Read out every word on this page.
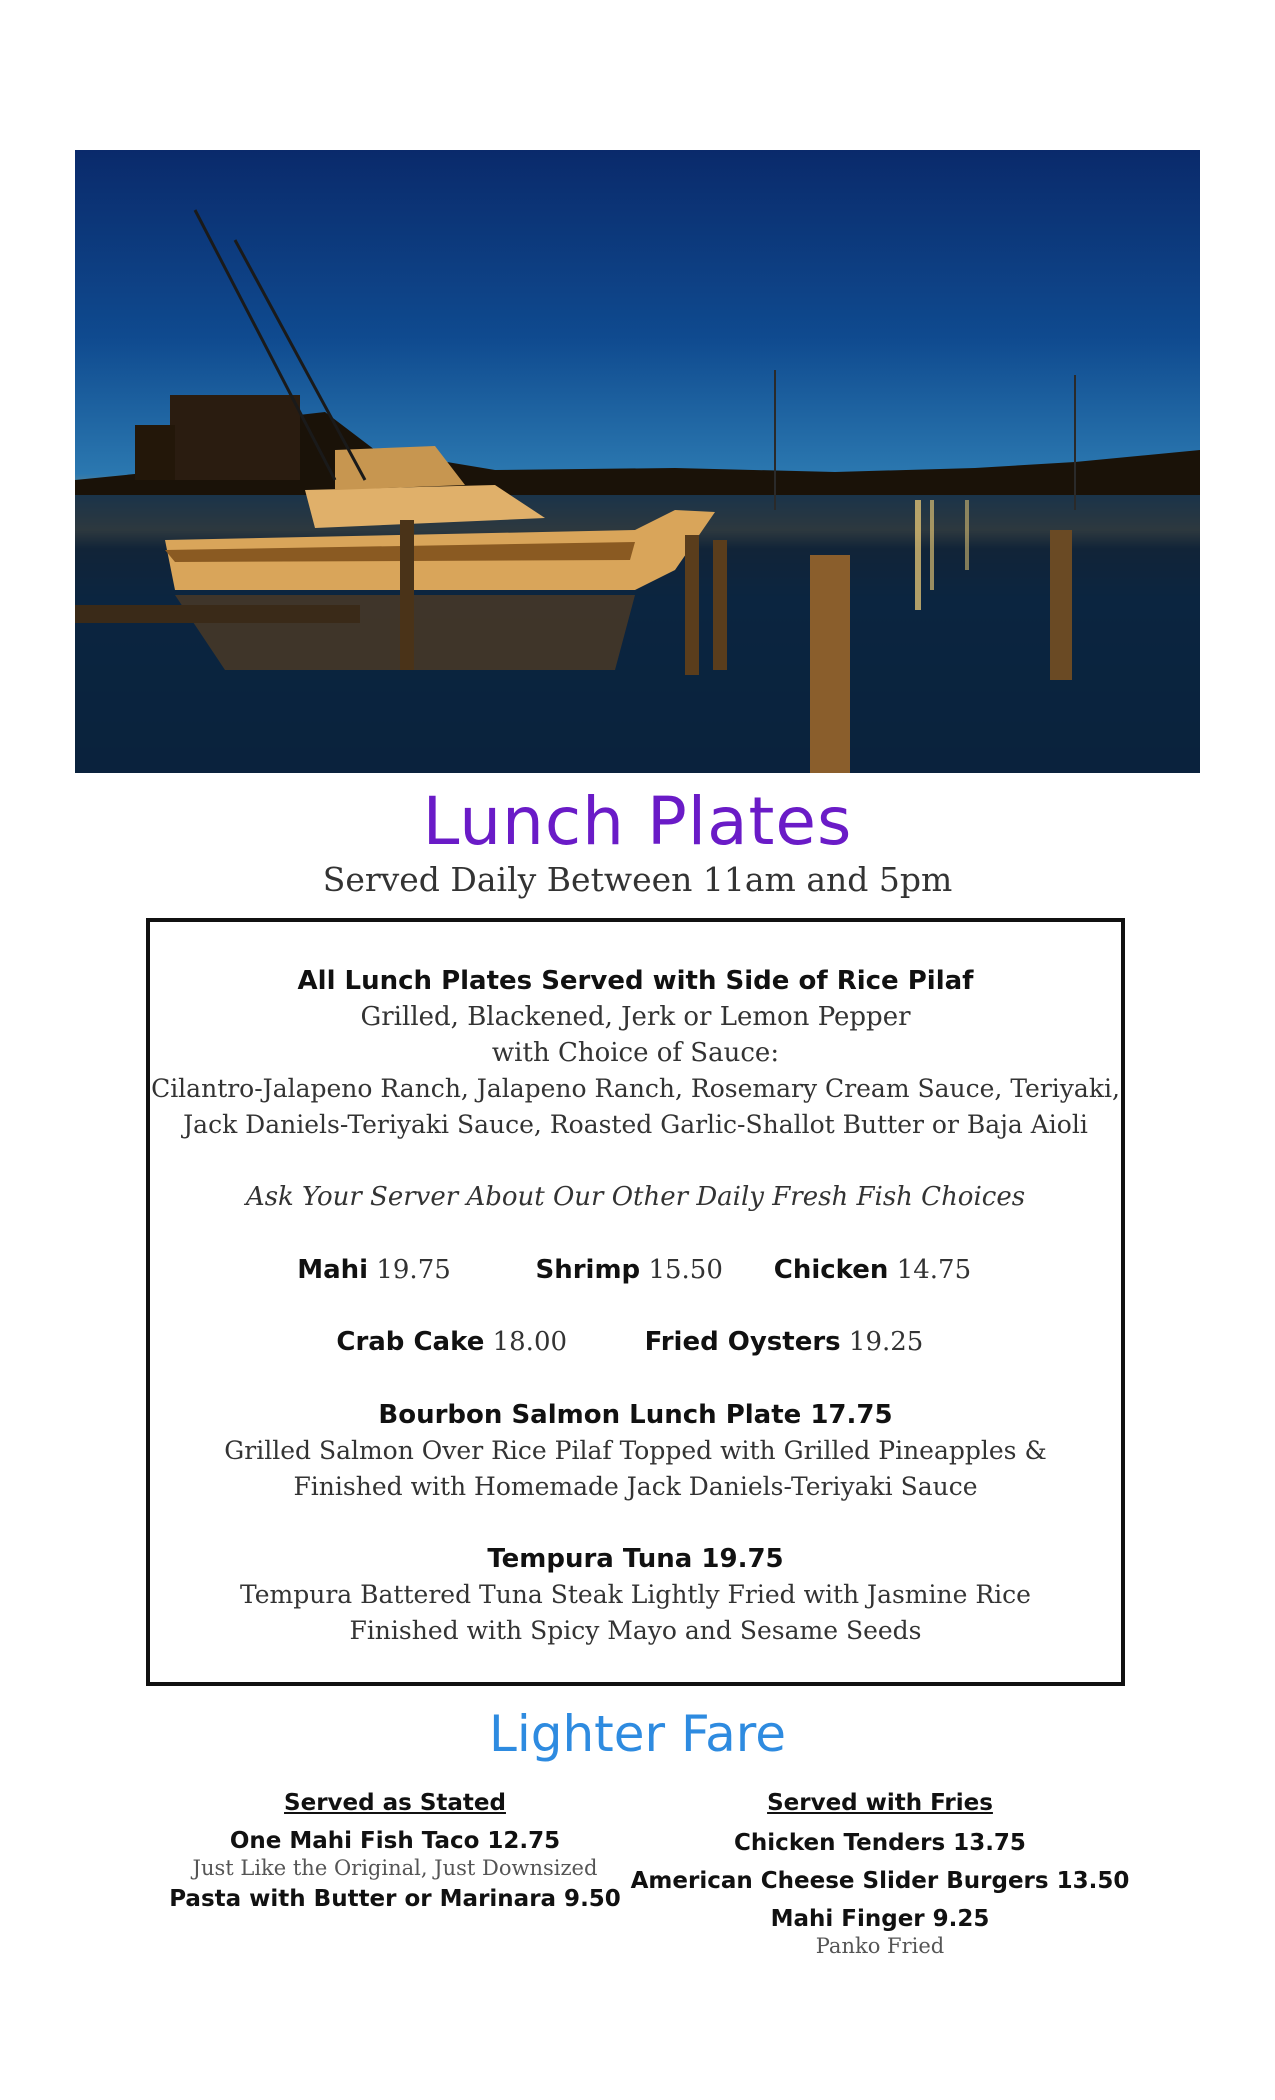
Lunch Plates
Served Daily Between 11am and 5pm
All Lunch Plates Served with Side of Rice Pilaf
Grilled, Blackened, Jerk or Lemon Pepper
with Choice of Sauce:
Cilantro-Jalapeno Ranch, Jalapeno Ranch, Rosemary Cream Sauce, Teriyaki,
Jack Daniels-Teriyaki Sauce, Roasted Garlic-Shallot Butter or Baja Aioli
Ask Your Server About Our Other Daily Fresh Fish Choices
Mahi 19.75	Shrimp 15.50 Chicken 14.75
Crab Cake 18.00	Fried Oysters 19.25
Bourbon Salmon Lunch Plate 17.75
Grilled Salmon Over Rice Pilaf Topped with Grilled Pineapples &
Finished with Homemade Jack Daniels-Teriyaki Sauce
Tempura Tuna 19.75
Tempura Battered Tuna Steak Lightly Fried with Jasmine Rice
Finished with Spicy Mayo and Sesame Seeds
Lighter Fare
Served as Stated
One Mahi Fish Taco 12.75
Just Like the Original, Just Downsized
Pasta with Butter or Marinara 9.50
Served with Fries
Chicken Tenders 13.75
American Cheese Slider Burgers 13.50
Mahi Finger 9.25
Panko Fried
